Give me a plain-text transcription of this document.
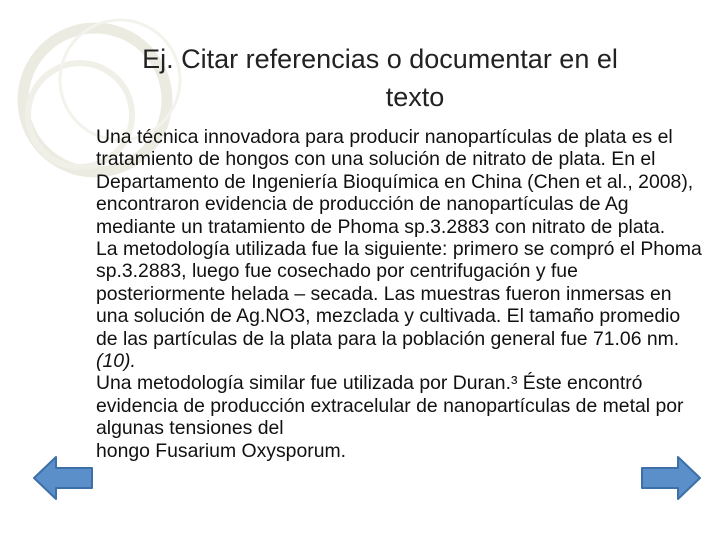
Ej. Citar referencias o documentar en el
texto

Una técnica innovadora para producir nanopartículas de plata es el tratamiento de hongos con una solución de nitrato de plata. En el Departamento de Ingeniería Bioquímica en China (Chen et al., 2008), encontraron evidencia de producción de nanopartículas de Ag mediante un tratamiento de Phoma sp.3.2883 con nitrato de plata.

La metodología utilizada fue la siguiente: primero se compró el Phoma sp.3.2883, luego fue cosechado por centrifugación y fue posteriormente helada – secada. Las muestras fueron inmersas en una solución de Ag.NO3, mezclada y cultivada. El tamaño promedio de las partículas de la plata para la población general fue 71.06 nm. (10).

Una metodología similar fue utilizada por Duran.³ Éste encontró evidencia de producción extracelular de nanopartículas de metal por algunas tensiones del

hongo Fusarium Oxysporum.
